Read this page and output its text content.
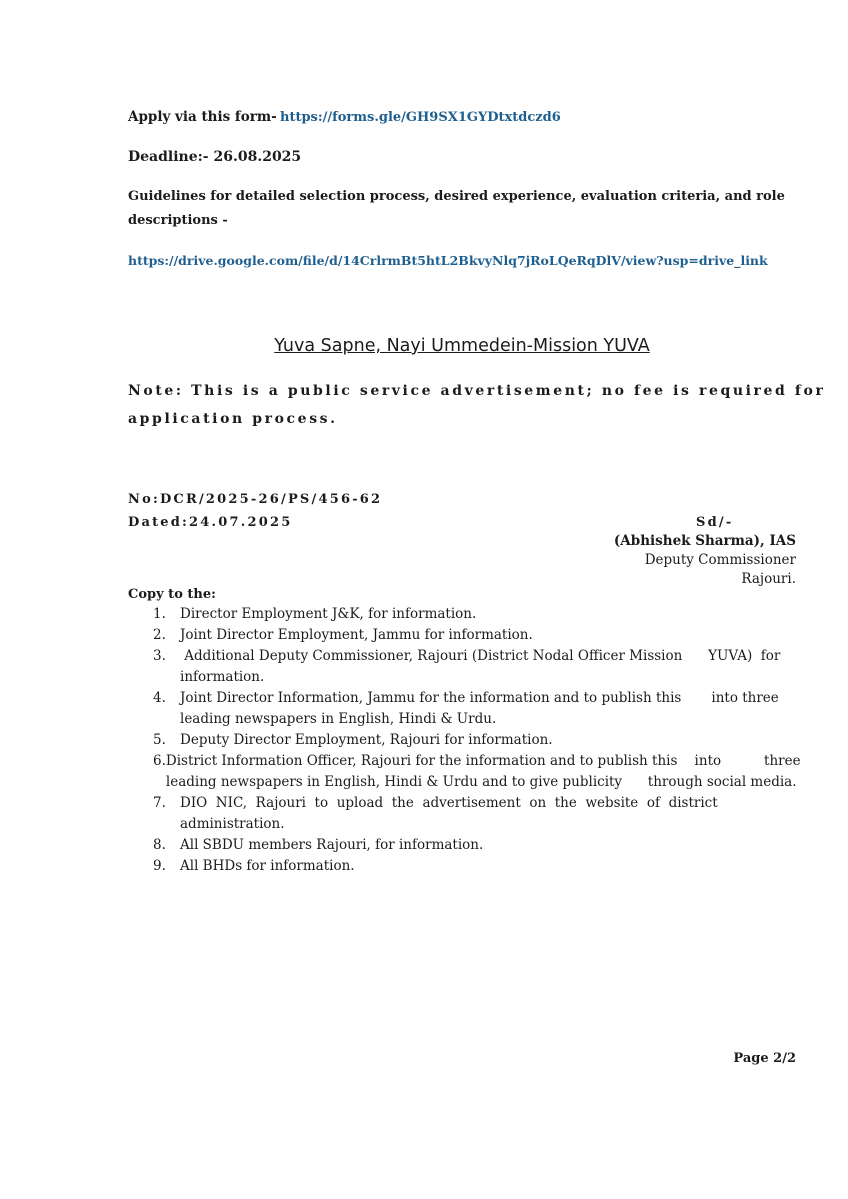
Apply via this form- https://forms.gle/GH9SX1GYDtxtdczd6
Deadline:- 26.08.2025
Guidelines for detailed selection process, desired experience, evaluation criteria, and role
descriptions -
https://drive.google.com/file/d/14CrlrmBt5htL2BkvyNlq7jRoLQeRqDlV/view?usp=drive_link
Yuva Sapne, Nayi Ummedein-Mission YUVA
Note: This is a public service advertisement; no fee is required for
application process.
No:DCR/2025-26/PS/456-62
Dated:24.07.2025	Sd/-
(Abhishek Sharma), IAS
Deputy Commissioner
Rajouri.
Copy to the:
1.	Director Employment J&K, for information.
2.	Joint Director Employment, Jammu for information.
3.	Additional Deputy Commissioner, Rajouri (District Nodal Officer Mission      YUVA)  for
information.
4.	Joint Director Information, Jammu for the information and to publish this       into three
leading newspapers in English, Hindi & Urdu.
5.	Deputy Director Employment, Rajouri for information.
6. District Information Officer, Rajouri for the information and to publish this    into          three
leading newspapers in English, Hindi & Urdu and to give publicity      through social media.
7.	DIO  NIC,  Rajouri  to  upload  the  advertisement  on  the  website  of  district
administration.
8.	All SBDU members Rajouri, for information.
9.	All BHDs for information.
Page 2/2
